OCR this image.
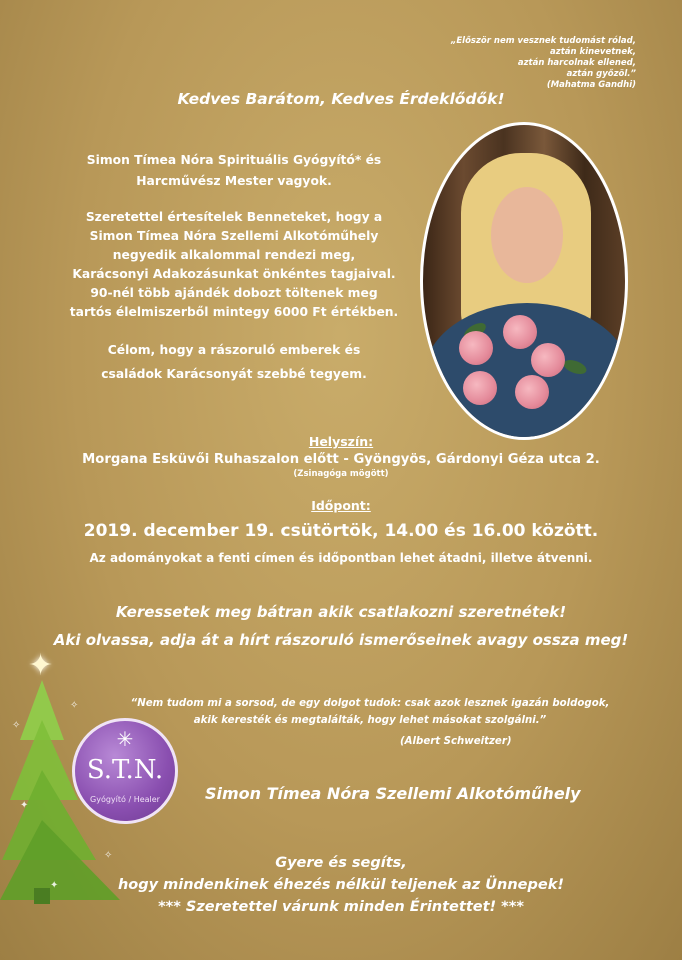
„Először nem vesznek tudomást rólad,
aztán kinevetnek,
aztán harcolnak ellened,
aztán győzöl.”
(Mahatma Gandhi)
Kedves Barátom, Kedves Érdeklődők!

Simon Tímea Nóra Spirituális Gyógyító* és
Harcművész Mester vagyok.

Szeretettel értesítelek Benneteket, hogy a
Simon Tímea Nóra Szellemi Alkotóműhely
negyedik alkalommal rendezi meg,
Karácsonyi Adakozásunkat önkéntes tagjaival.
90-nél több ajándék dobozt töltenek meg
tartós élelmiszerből mintegy 6000 Ft értékben.

Célom, hogy a rászoruló emberek és
családok Karácsonyát szebbé tegyem.

Helyszín:
Morgana Esküvői Ruhaszalon előtt - Gyöngyös, Gárdonyi Géza utca 2.
(Zsinagóga mögött)
Időpont:
2019. december 19. csütörtök, 14.00 és 16.00 között.
Az adományokat a fenti címen és időpontban lehet átadni, illetve átvenni.
Keressetek meg bátran akik csatlakozni szeretnétek!
Aki olvassa, adja át a hírt rászoruló ismerőseinek avagy ossza meg!
“Nem tudom mi a sorsod, de egy dolgot tudok: csak azok lesznek igazán boldogok,
akik keresték és megtalálták, hogy lehet másokat szolgálni.”
(Albert Schweitzer)
✦
✧
✧
✦
✧
✦
✳
S.T.N.
Gyógyító / Healer	Simon Tímea Nóra Szellemi Alkotóműhely
Gyere és segíts,
hogy mindenkinek éhezés nélkül teljenek az Ünnepek!
*** Szeretettel várunk minden Érintettet! ***
